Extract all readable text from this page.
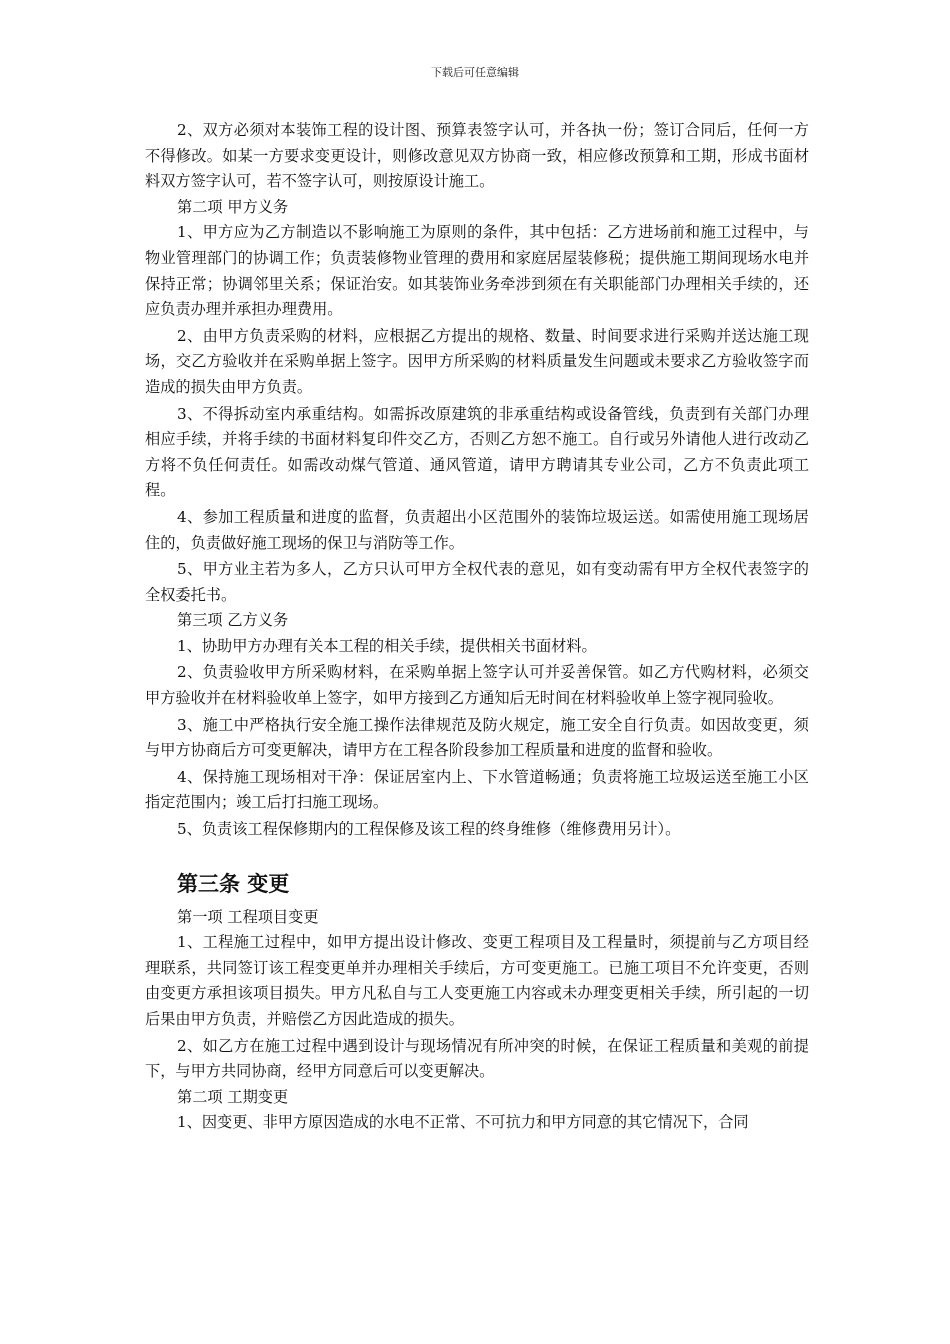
下载后可任意编辑

2、双方必须对本装饰工程的设计图、预算表签字认可，并各执一份；签订合同后，任何一方不得修改。如某一方要求变更设计，则修改意见双方协商一致，相应修改预算和工期，形成书面材料双方签字认可，若不签字认可，则按原设计施工。

第二项 甲方义务

1、甲方应为乙方制造以不影响施工为原则的条件，其中包括：乙方进场前和施工过程中，与物业管理部门的协调工作；负责装修物业管理的费用和家庭居屋装修税；提供施工期间现场水电并保持正常；协调邻里关系；保证治安。如其装饰业务牵涉到须在有关职能部门办理相关手续的，还应负责办理并承担办理费用。

2、由甲方负责采购的材料，应根据乙方提出的规格、数量、时间要求进行采购并送达施工现场，交乙方验收并在采购单据上签字。因甲方所采购的材料质量发生问题或未要求乙方验收签字而造成的损失由甲方负责。

3、不得拆动室内承重结构。如需拆改原建筑的非承重结构或设备管线，负责到有关部门办理相应手续，并将手续的书面材料复印件交乙方，否则乙方恕不施工。自行或另外请他人进行改动乙方将不负任何责任。如需改动煤气管道、通风管道，请甲方聘请其专业公司，乙方不负责此项工程。

4、参加工程质量和进度的监督，负责超出小区范围外的装饰垃圾运送。如需使用施工现场居住的，负责做好施工现场的保卫与消防等工作。

5、甲方业主若为多人，乙方只认可甲方全权代表的意见，如有变动需有甲方全权代表签字的全权委托书。

第三项 乙方义务

1、协助甲方办理有关本工程的相关手续，提供相关书面材料。

2、负责验收甲方所采购材料，在采购单据上签字认可并妥善保管。如乙方代购材料，必须交甲方验收并在材料验收单上签字，如甲方接到乙方通知后无时间在材料验收单上签字视同验收。

3、施工中严格执行安全施工操作法律规范及防火规定，施工安全自行负责。如因故变更，须与甲方协商后方可变更解决，请甲方在工程各阶段参加工程质量和进度的监督和验收。

4、保持施工现场相对干净：保证居室内上、下水管道畅通；负责将施工垃圾运送至施工小区指定范围内；竣工后打扫施工现场。

5、负责该工程保修期内的工程保修及该工程的终身维修（维修费用另计）。

第三条 变更

第一项 工程项目变更

1、工程施工过程中，如甲方提出设计修改、变更工程项目及工程量时，须提前与乙方项目经理联系，共同签订该工程变更单并办理相关手续后，方可变更施工。已施工项目不允许变更，否则由变更方承担该项目损失。甲方凡私自与工人变更施工内容或未办理变更相关手续，所引起的一切后果由甲方负责，并赔偿乙方因此造成的损失。

2、如乙方在施工过程中遇到设计与现场情况有所冲突的时候，在保证工程质量和美观的前提下，与甲方共同协商，经甲方同意后可以变更解决。

第二项 工期变更

1、因变更、非甲方原因造成的水电不正常、不可抗力和甲方同意的其它情况下，合同
